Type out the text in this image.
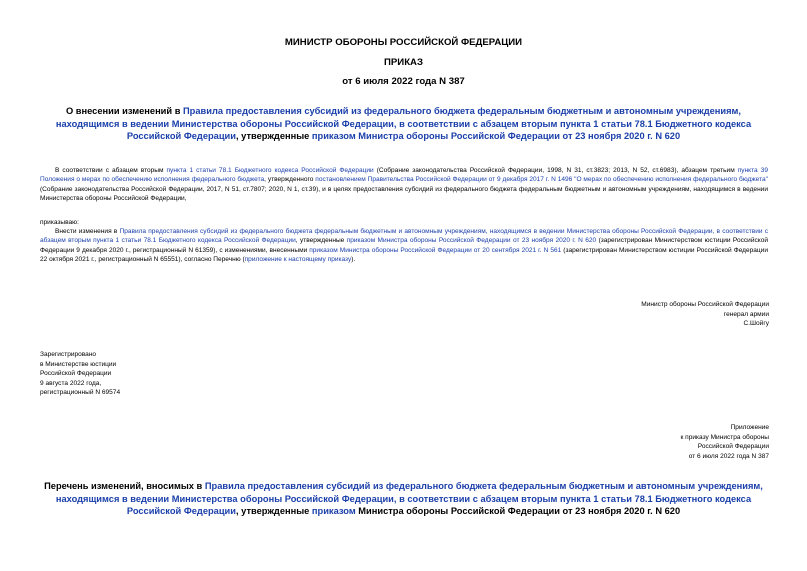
МИНИСТР ОБОРОНЫ РОССИЙСКОЙ ФЕДЕРАЦИИ
ПРИКАЗ
от 6 июля 2022 года N 387
О внесении изменений в Правила предоставления субсидий из федерального бюджета федеральным бюджетным и автономным учреждениям, находящимся в ведении Министерства обороны Российской Федерации, в соответствии с абзацем вторым пункта 1 статьи 78.1 Бюджетного кодекса Российской Федерации, утвержденные приказом Министра обороны Российской Федерации от 23 ноября 2020 г. N 620
В соответствии с абзацем вторым пункта 1 статьи 78.1 Бюджетного кодекса Российской Федерации (Собрание законодательства Российской Федерации, 1998, N 31, ст.3823; 2013, N 52, ст.6983), абзацем третьим пункта 39 Положения о мерах по обеспечению исполнения федерального бюджета, утвержденного постановлением Правительства Российской Федерации от 9 декабря 2017 г. N 1496 "О мерах по обеспечению исполнения федерального бюджета" (Собрание законодательства Российской Федерации, 2017, N 51, ст.7807; 2020, N 1, ст.39), и в целях предоставления субсидий из федерального бюджета федеральным бюджетным и автономным учреждениям, находящимся в ведении Министерства обороны Российской Федерации,
приказываю:
Внести изменения в Правила предоставления субсидий из федерального бюджета федеральным бюджетным и автономным учреждениям, находящимся в ведении Министерства обороны Российской Федерации, в соответствии с абзацем вторым пункта 1 статьи 78.1 Бюджетного кодекса Российской Федерации, утвержденные приказом Министра обороны Российской Федерации от 23 ноября 2020 г. N 620 (зарегистрирован Министерством юстиции Российской Федерации 9 декабря 2020 г., регистрационный N 61359), с изменениями, внесенными приказом Министра обороны Российской Федерации от 20 сентября 2021 г. N 561 (зарегистрирован Министерством юстиции Российской Федерации 22 октября 2021 г., регистрационный N 65551), согласно Перечню (приложение к настоящему приказу).
Министр обороны Российской Федерации
генерал армии
С.Шойгу
Зарегистрировано
в Министерстве юстиции
Российской Федерации
9 августа 2022 года,
регистрационный N 69574
Приложение
к приказу Министра обороны
Российской Федерации
от 6 июля 2022 года N 387
Перечень изменений, вносимых в Правила предоставления субсидий из федерального бюджета федеральным бюджетным и автономным учреждениям, находящимся в ведении Министерства обороны Российской Федерации, в соответствии с абзацем вторым пункта 1 статьи 78.1 Бюджетного кодекса Российской Федерации, утвержденные приказом Министра обороны Российской Федерации от 23 ноября 2020 г. N 620
